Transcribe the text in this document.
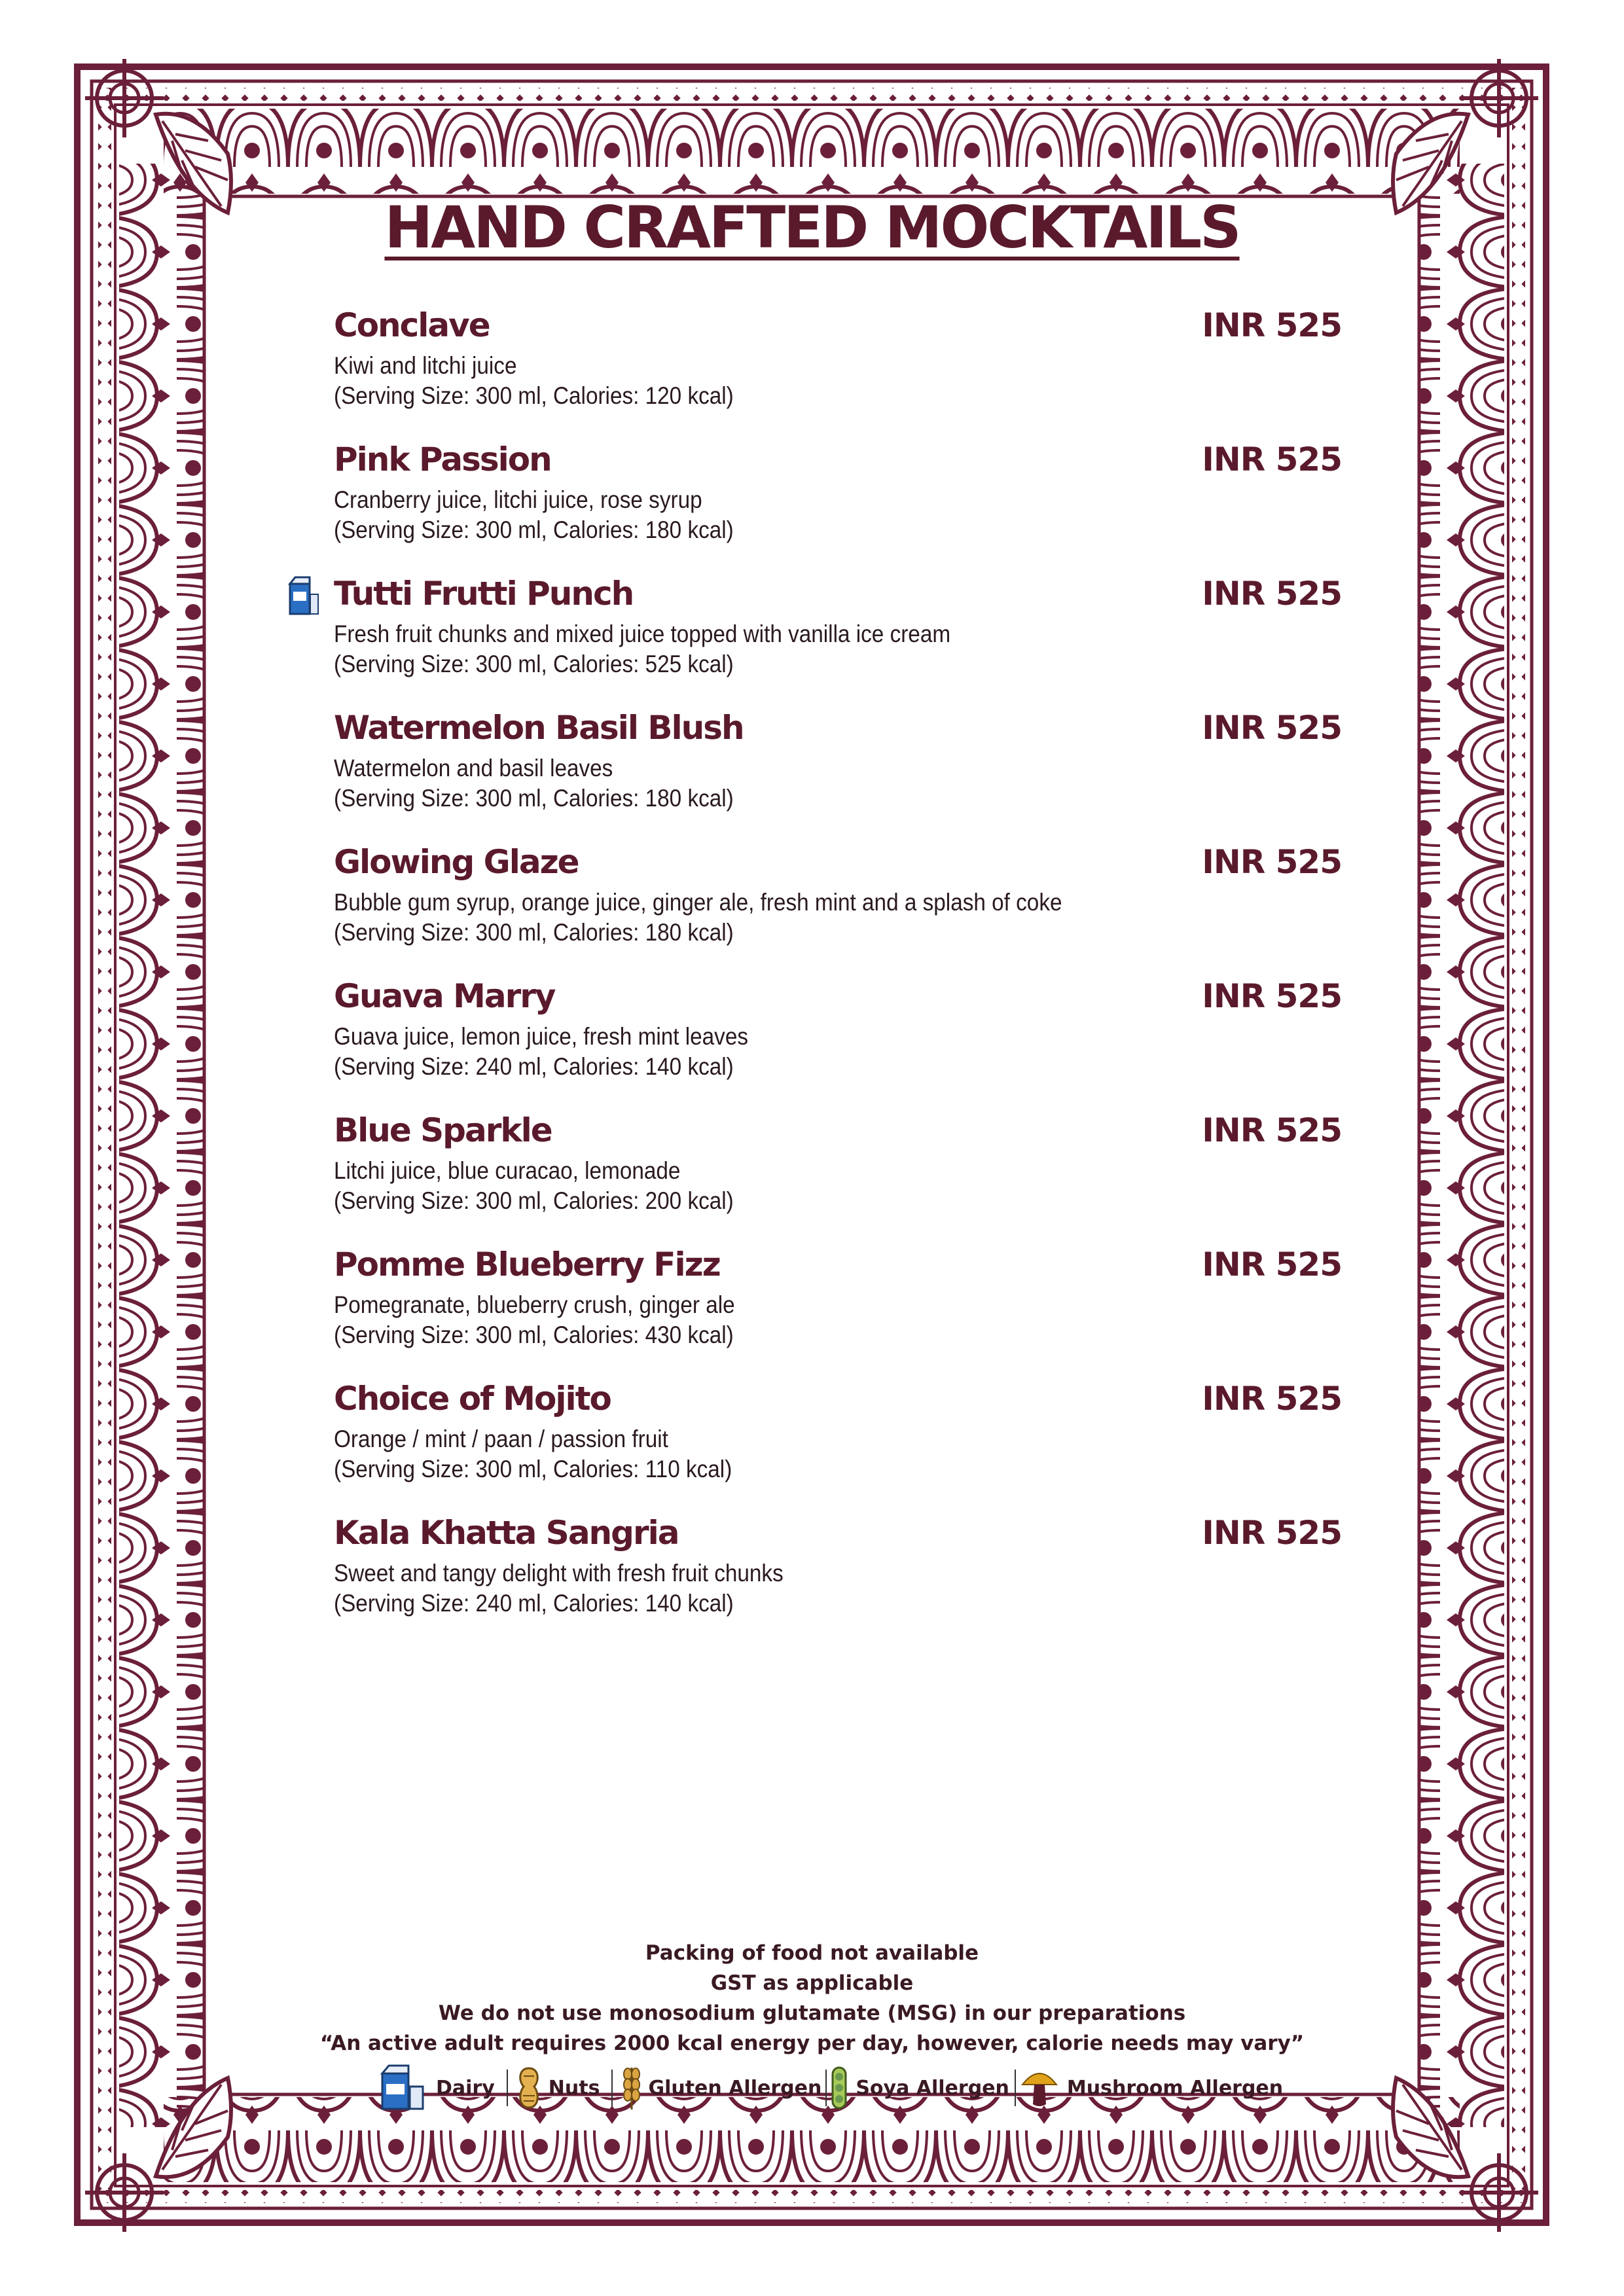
HAND CRAFTED MOCKTAILS
Conclave	INR 525
Kiwi and litchi juice
(Serving Size: 300 ml, Calories: 120 kcal)
Pink Passion	INR 525
Cranberry juice, litchi juice, rose syrup
(Serving Size: 300 ml, Calories: 180 kcal)
Tutti Frutti Punch	INR 525
Fresh fruit chunks and mixed juice topped with vanilla ice cream
(Serving Size: 300 ml, Calories: 525 kcal)
Watermelon Basil Blush	INR 525
Watermelon and basil leaves
(Serving Size: 300 ml, Calories: 180 kcal)
Glowing Glaze	INR 525
Bubble gum syrup, orange juice, ginger ale, fresh mint and a splash of coke
(Serving Size: 300 ml, Calories: 180 kcal)
Guava Marry	INR 525
Guava juice, lemon juice, fresh mint leaves
(Serving Size: 240 ml, Calories: 140 kcal)
Blue Sparkle	INR 525
Litchi juice, blue curacao, lemonade
(Serving Size: 300 ml, Calories: 200 kcal)
Pomme Blueberry Fizz	INR 525
Pomegranate, blueberry crush, ginger ale
(Serving Size: 300 ml, Calories: 430 kcal)
Choice of Mojito	INR 525
Orange / mint / paan / passion fruit
(Serving Size: 300 ml, Calories: 110 kcal)
Kala Khatta Sangria	INR 525
Sweet and tangy delight with fresh fruit chunks
(Serving Size: 240 ml, Calories: 140 kcal)
Packing of food not available
GST as applicable
We do not use monosodium glutamate (MSG) in our preparations
“An active adult requires 2000 kcal energy per day, however, calorie needs may vary”
Dairy	Nuts Gluten Allergen Soya Allergen	Mushroom Allergen
